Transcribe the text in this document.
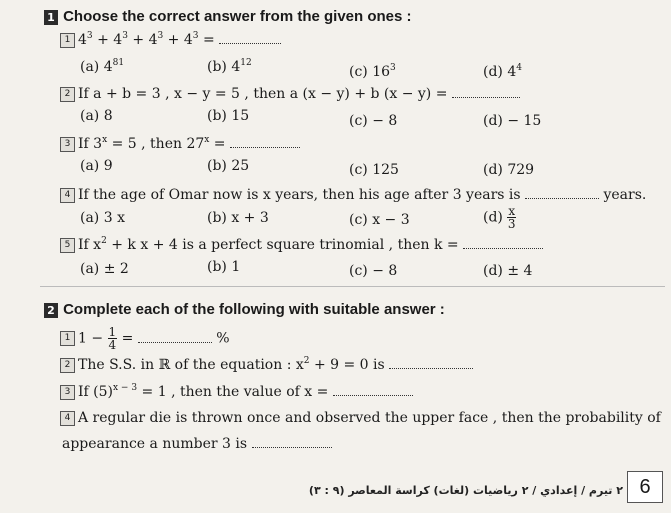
1 Choose the correct answer from the given ones :
1 $4^3 + 4^3 + 4^3 + 4^3$ =
(a) $4^{81}$	(b) $4^{12}$
(c) $16^3$	(d) $4^4$
2 If a + b = 3 , x − y = 5 , then a (x − y) + b (x − y) =
(a) 8	(b) 15	(c) − 8	(d) − 15
3 If $3^x = 5$ , then $27^x$ =
(a) 9	(b) 25	(c) 125	(d) 729
4 If the age of Omar now is x years, then his age after 3 years is	years.
(a) 3 x	(b) x + 3	(c) x − 3	$(d) \frac{x}{3}$
5 If $x^2 + k$ x + 4 is a perfect square trinomial , then k =
(a) ± 2	(b) 1	(c) − 8	(d) ± 4
2 Complete each of the following with suitable answer :
1 $1 - \frac{1}{4}$ =	%
2 The S.S. in ℝ of the equation : $x^2 + 9 = 0$ is
3 If $(5)^{x - 3} = 1$ , then the value of x =
4 A regular die is thrown once and observed the upper face , then the probability of
appearance a number 3 is
(٩ : ٣) ٢ تيرم / إعدادي / ٢ رياضيات (لغات) كراسة المعاصر 6
